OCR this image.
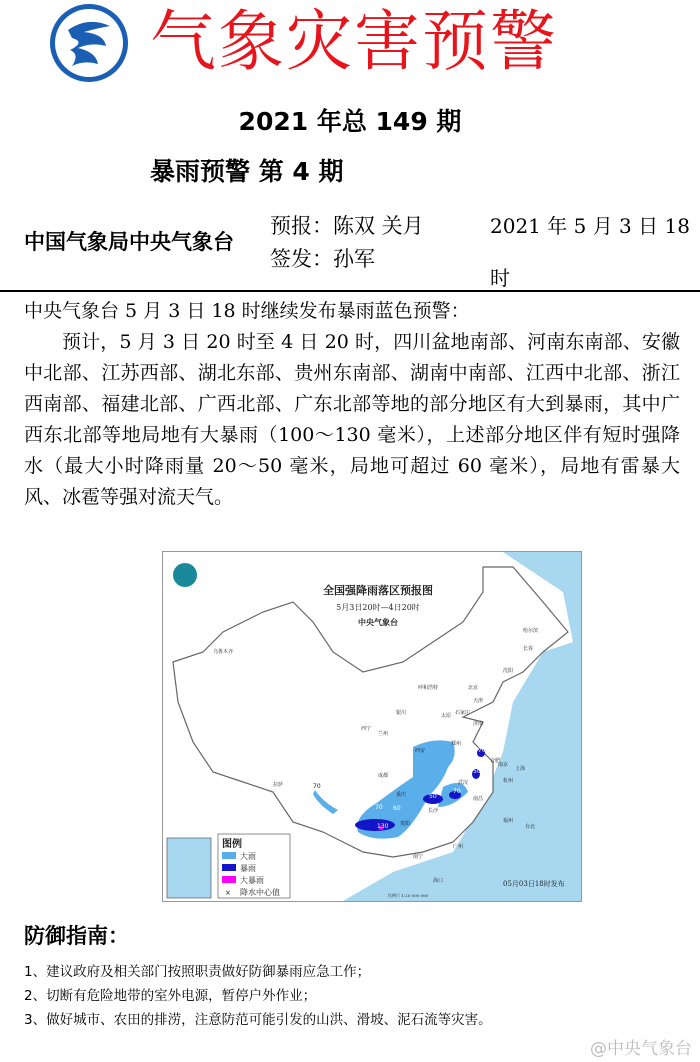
气象灾害预警
2021 年总 149 期
暴雨预警 第 4 期
中国气象局中央气象台
预报：陈双 关月
签发：孙军
2021 年 5 月 3 日 18 时

中央气象台 5 月 3 日 18 时继续发布暴雨蓝色预警：

预计，5 月 3 日 20 时至 4 日 20 时，四川盆地南部、河南东南部、安徽中北部、江苏西部、湖北东部、贵州东南部、湖南中南部、江西中北部、浙江西南部、福建北部、广西北部、广东北部等地的部分地区有大到暴雨，其中广西东北部等地局地有大暴雨（100～130 毫米），上述部分地区伴有短时强降水（最大小时降雨量 20～50 毫米，局地可超过 60 毫米），局地有雷暴大风、冰雹等强对流天气。

全国强降雨落区预报图
5月3日20时—4日20时
中央气象台
乌鲁木齐
哈尔滨
长春
沈阳
北京
天津
呼和浩特
银川	太原 石家庄
济南
西宁
兰州
西安
郑州
合肥
南京
上海
杭州
武汉
成都
重庆
长沙
南昌
福州
贵阳
南宁
广州
海口
拉萨
台北
70
70
50
70
50
60
70
130
图例
大雨
暴雨
大暴雨
× 降水中心值
05月03日18时发布
比例尺 1:20 000 000
防御指南：
1、建议政府及相关部门按照职责做好防御暴雨应急工作；
2、切断有危险地带的室外电源，暂停户外作业；
3、做好城市、农田的排涝，注意防范可能引发的山洪、滑坡、泥石流等灾害。
@中央气象台
